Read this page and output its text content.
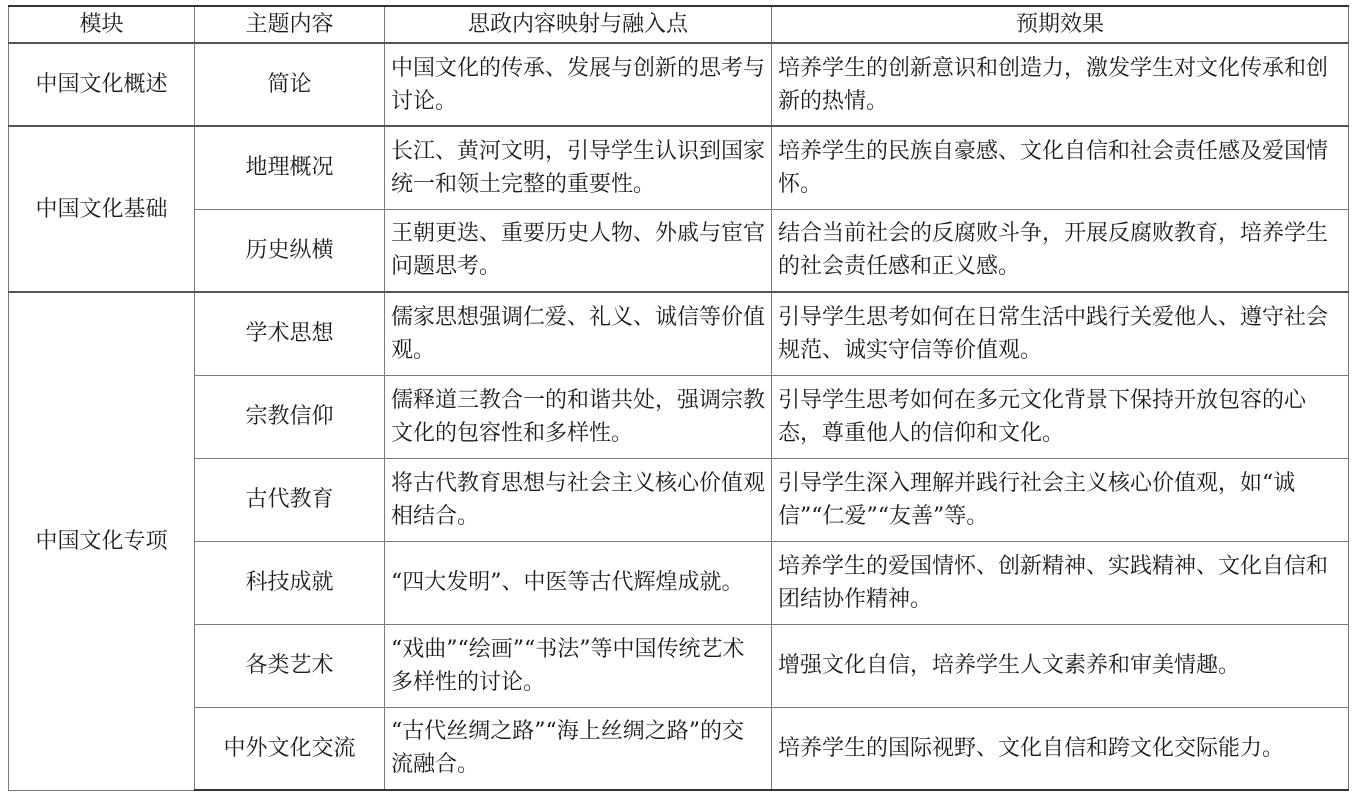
模块	主题内容	思政内容映射与融入点	预期效果
中国文化概述	简论	中国文化的传承、发展与创新的思考与讨论。	培养学生的创新意识和创造力，激发学生对文化传承和创新的热情。
中国文化基础	地理概况	长江、黄河文明，引导学生认识到国家统一和领土完整的重要性。	培养学生的民族自豪感、文化自信和社会责任感及爱国情怀。
	历史纵横	王朝更迭、重要历史人物、外戚与宦官问题思考。	结合当前社会的反腐败斗争，开展反腐败教育，培养学生的社会责任感和正义感。
中国文化专项	学术思想	儒家思想强调仁爱、礼义、诚信等价值观。	引导学生思考如何在日常生活中践行关爱他人、遵守社会规范、诚实守信等价值观。
	宗教信仰	儒释道三教合一的和谐共处，强调宗教文化的包容性和多样性。	引导学生思考如何在多元文化背景下保持开放包容的心态，尊重他人的信仰和文化。
	古代教育	将古代教育思想与社会主义核心价值观相结合。	引导学生深入理解并践行社会主义核心价值观，如“诚信”“仁爱”“友善”等。
	科技成就	“四大发明”、中医等古代辉煌成就。	培养学生的爱国情怀、创新精神、实践精神、文化自信和团结协作精神。
	各类艺术	“戏曲”“绘画”“书法”等中国传统艺术多样性的讨论。	增强文化自信，培养学生人文素养和审美情趣。
	中外文化交流	“古代丝绸之路”“海上丝绸之路”的交流融合。	培养学生的国际视野、文化自信和跨文化交际能力。
